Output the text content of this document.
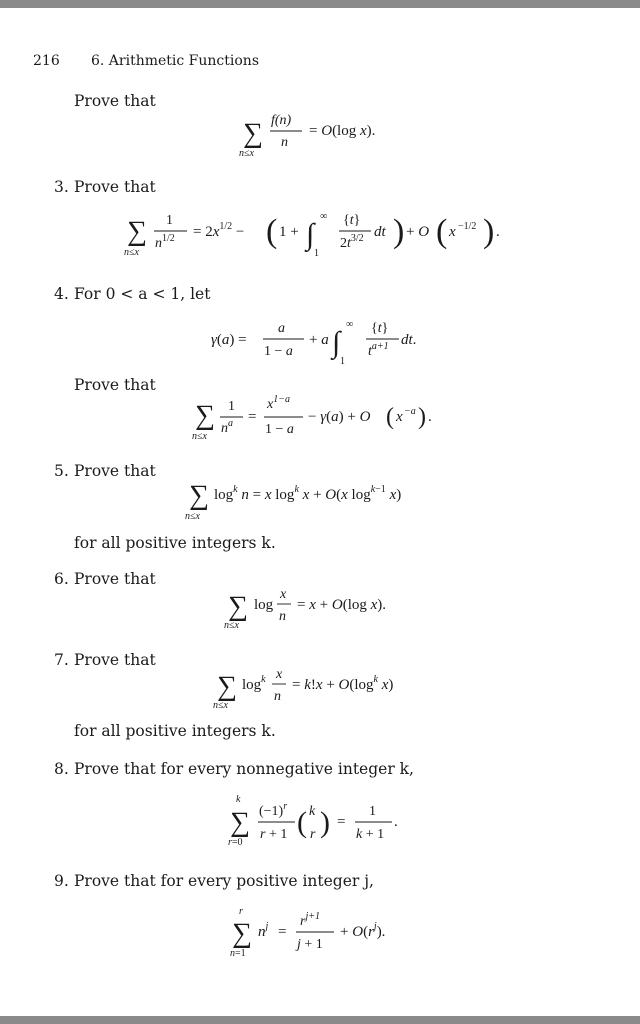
216 6. Arithmetic Functions
Prove that
∑
n≤x
f(n)
n
= O(log x).
3. Prove that
∑
n≤x
1
$n^{1/2} = 2x^{1/2}$ − ( 1 + ∫
∞
1
{t}
$2t^{3/2}$ dt ) + O ( x −1/2 ) .
4. For 0 < a < 1, let
γ(a) =
a
1 − a
+ a ∫
∞
1
{t}
$t^{a+1}$ dt.
Prove that
∑
n≤x
1
$n^a$ =
$x^{1-a}$
1 − a
− γ(a) + O ( x −a ) .
5. Prove that
∑
n≤x
$\log^k n = x$ $\log^k x + O(x$ $\log^{k-1} x$)
for all positive integers k.
6. Prove that
∑
n≤x
log
x
n
= x + O(log x).
7. Prove that
∑
n≤x
$\log^k x$
n
= $k!x + O(\log^k$ x)
for all positive integers k.
8. Prove that for every nonnegative integer k,
k
∑
r=0
$(-1)^r$
r + 1 ( k
r ) =
1
k + 1
.
9. Prove that for every positive integer j,
r
∑
n=1
$n^j$ =
$r^{j+1}$
j + 1
+ $O(r^j)$.
